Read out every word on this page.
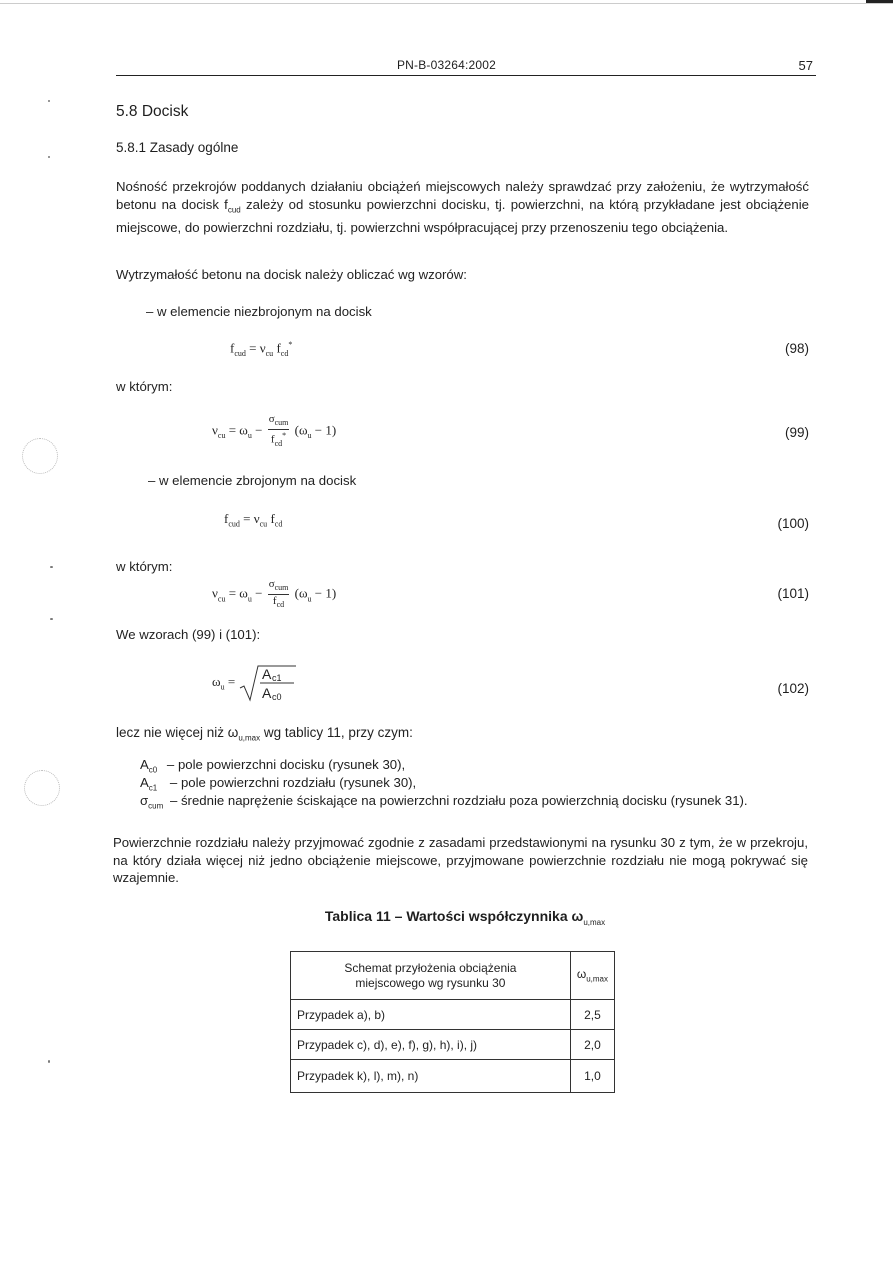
PN-B-03264:2002	57
5.8 Docisk
5.8.1 Zasady ogólne
Nośność przekrojów poddanych działaniu obciążeń miejscowych należy sprawdzać przy założeniu, że wytrzymałość betonu na docisk $f_{cud}$ zależy od stosunku powierzchni docisku, tj. powierzchni, na którą przykładane jest obciążenie miejscowe, do powierzchni rozdziału, tj. powierzchni współpracującej przy przenoszeniu tego obciążenia.
Wytrzymałość betonu na docisk należy obliczać wg wzorów:
– w elemencie niezbrojonym na docisk
$f_{cud} = \nu_{cu}$ $f_{cd}^*$	(98)
w którym:
$\nu_{cu} = \omega_u - \frac{\sigma_{cum}}{f_{cd}^*} (\omega_u - 1)$	(99)
– w elemencie zbrojonym na docisk
$f_{cud} = \nu_{cu}$ $f_{cd}$	(100)
w którym:
$\nu_{cu} = \omega_u - \frac{\sigma_{cum}}{f_{cd}} (\omega_u - 1)$	(101)
We wzorach (99) i (101):
$\omega_u = A$ c1
A c0
(102)
lecz nie więcej niż $\omega_{u,max}$ wg tablicy 11, przy czym:
$A_{c0}$ – pole powierzchni docisku (rysunek 30),
$A_{c1}$ – pole powierzchni rozdziału (rysunek 30),
$\sigma_{cum}$ – średnie naprężenie ściskające na powierzchni rozdziału poza powierzchnią docisku (rysunek 31).
Powierzchnie rozdziału należy przyjmować zgodnie z zasadami przedstawionymi na rysunku 30 z tym, że w przekroju, na który działa więcej niż jedno obciążenie miejscowe, przyjmowane powierzchnie rozdziału nie mogą pokrywać się wzajemnie.
Tablica 11 – Wartości współczynnika $\omega_{u,max}$
Schemat przyłożenia obciążenia miejscowego wg rysunku 30	$\omega_{u,max}$
Przypadek a), b)	2,5
Przypadek c), d), e), f), g), h), i), j)	2,0
Przypadek k), l), m), n)	1,0
